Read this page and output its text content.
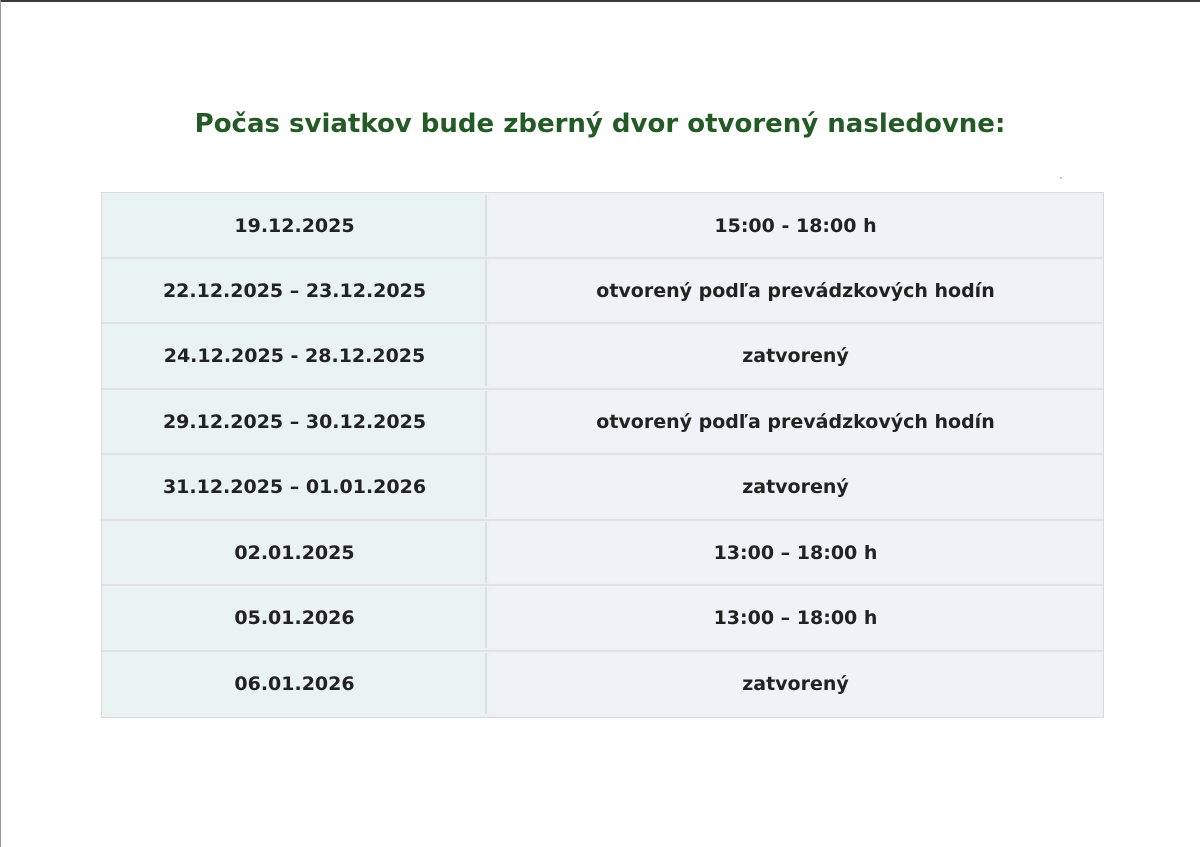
Počas sviatkov bude zberný dvor otvorený nasledovne:
19.12.2025	15:00 - 18:00 h
22.12.2025 – 23.12.2025	otvorený podľa prevádzkových hodín
24.12.2025 - 28.12.2025	zatvorený
29.12.2025 – 30.12.2025	otvorený podľa prevádzkových hodín
31.12.2025 – 01.01.2026	zatvorený
02.01.2025	13:00 – 18:00 h
05.01.2026	13:00 – 18:00 h
06.01.2026	zatvorený
